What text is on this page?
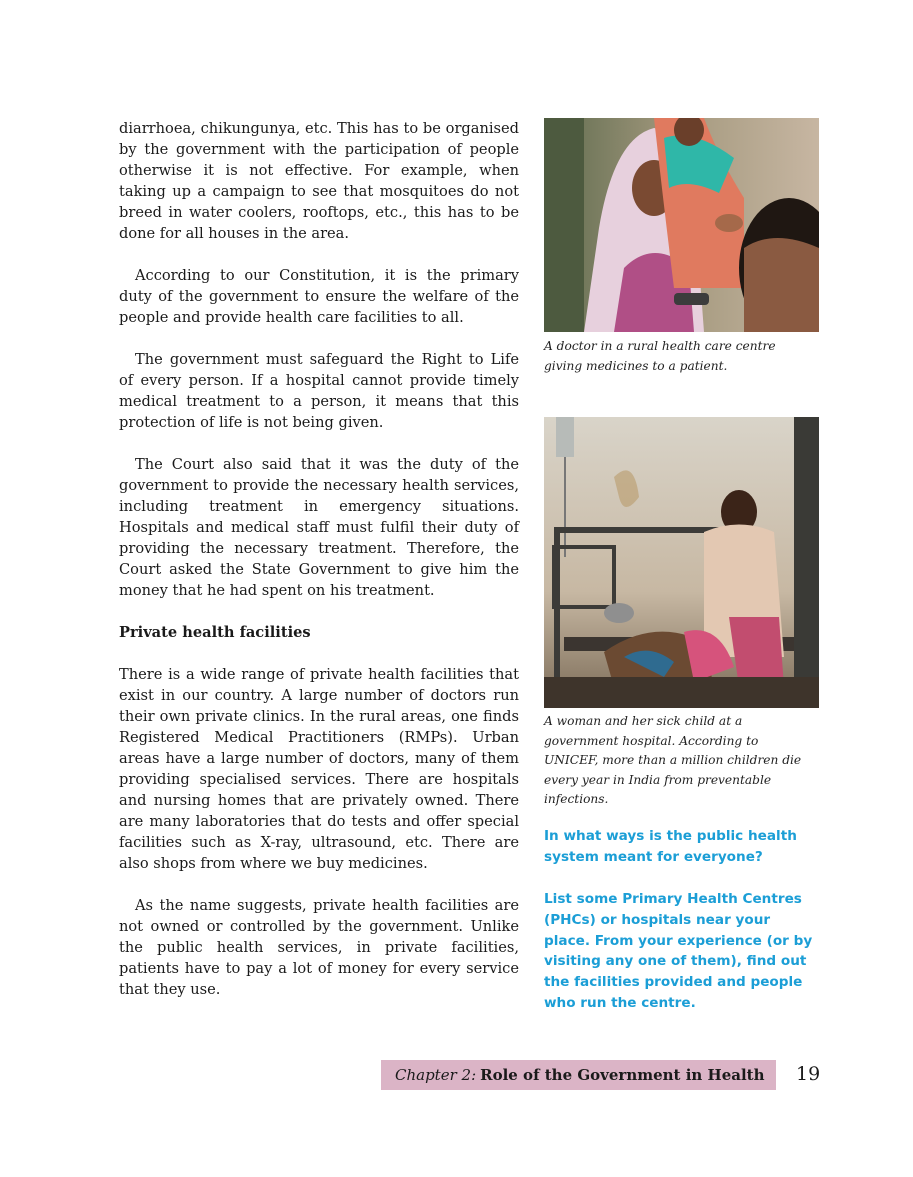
diarrhoea, chikungunya, etc. This has to be organised by the government with the participation of people otherwise it is not effective. For example, when taking up a campaign to see that mosquitoes do not breed in water coolers, rooftops, etc., this has to be done for all houses in the area.

According to our Constitution, it is the primary duty of the government to ensure the welfare of the people and provide health care facilities to all.

The government must safeguard the Right to Life of every person. If a hospital cannot provide timely medical treatment to a person, it means that this protection of life is not being given.

The Court also said that it was the duty of the government to provide the necessary health services, including treatment in emergency situations. Hospitals and medical staff must fulfil their duty of providing the necessary treatment. Therefore, the Court asked the State Government to give him the money that he had spent on his treatment.

Private health facilities

There is a wide range of private health facilities that exist in our country. A large number of doctors run their own private clinics. In the rural areas, one finds Registered Medical Practitioners (RMPs). Urban areas have a large number of doctors, many of them providing specialised services. There are hospitals and nursing homes that are privately owned. There are many laboratories that do tests and offer special facilities such as X-ray, ultrasound, etc. There are also shops from where we buy medicines.

As the name suggests, private health facilities are not owned or controlled by the government. Unlike the public health services, in private facilities, patients have to pay a lot of money for every service that they use.

A doctor in a rural health care centre giving medicines to a patient.
A woman and her sick child at a government hospital. According to UNICEF, more than a million children die every year in India from preventable infections.
In what ways is the public health system meant for everyone?
List some Primary Health Centres (PHCs) or hospitals near your place. From your experience (or by visiting any one of them), find out the facilities provided and people who run the centre.
Chapter 2: Role of the Government in Health 19
